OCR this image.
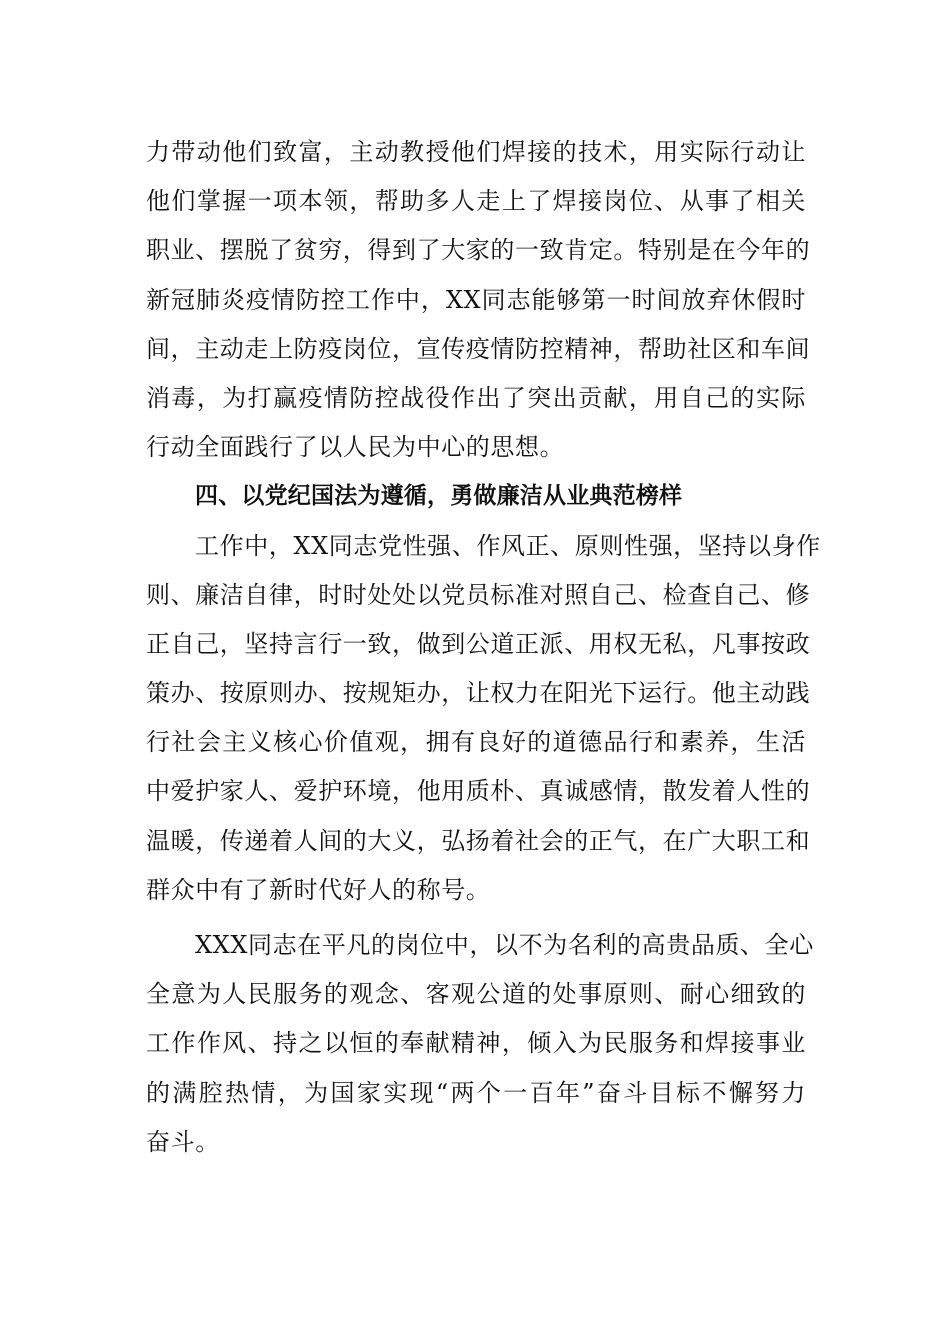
力带动他们致富，主动教授他们焊接的技术，用实际行动让
他们掌握一项本领，帮助多人走上了焊接岗位、从事了相关
职业、摆脱了贫穷，得到了大家的一致肯定。特别是在今年的
新冠肺炎疫情防控工作中，XX同志能够第一时间放弃休假时
间，主动走上防疫岗位，宣传疫情防控精神，帮助社区和车间
消毒，为打赢疫情防控战役作出了突出贡献，用自己的实际
行动全面践行了以人民为中心的思想。
四、以党纪国法为遵循，勇做廉洁从业典范榜样
工作中，XX同志党性强、作风正、原则性强，坚持以身作
则、廉洁自律，时时处处以党员标准对照自己、检查自己、修
正自己，坚持言行一致，做到公道正派、用权无私，凡事按政
策办、按原则办、按规矩办，让权力在阳光下运行。他主动践
行社会主义核心价值观，拥有良好的道德品行和素养，生活
中爱护家人、爱护环境，他用质朴、真诚感情，散发着人性的
温暖，传递着人间的大义，弘扬着社会的正气，在广大职工和
群众中有了新时代好人的称号。
XXX同志在平凡的岗位中，以不为名利的高贵品质、全心
全意为人民服务的观念、客观公道的处事原则、耐心细致的
工作作风、持之以恒的奉献精神，倾入为民服务和焊接事业
的满腔热情，为国家实现“两个一百年”奋斗目标不懈努力
奋斗。
